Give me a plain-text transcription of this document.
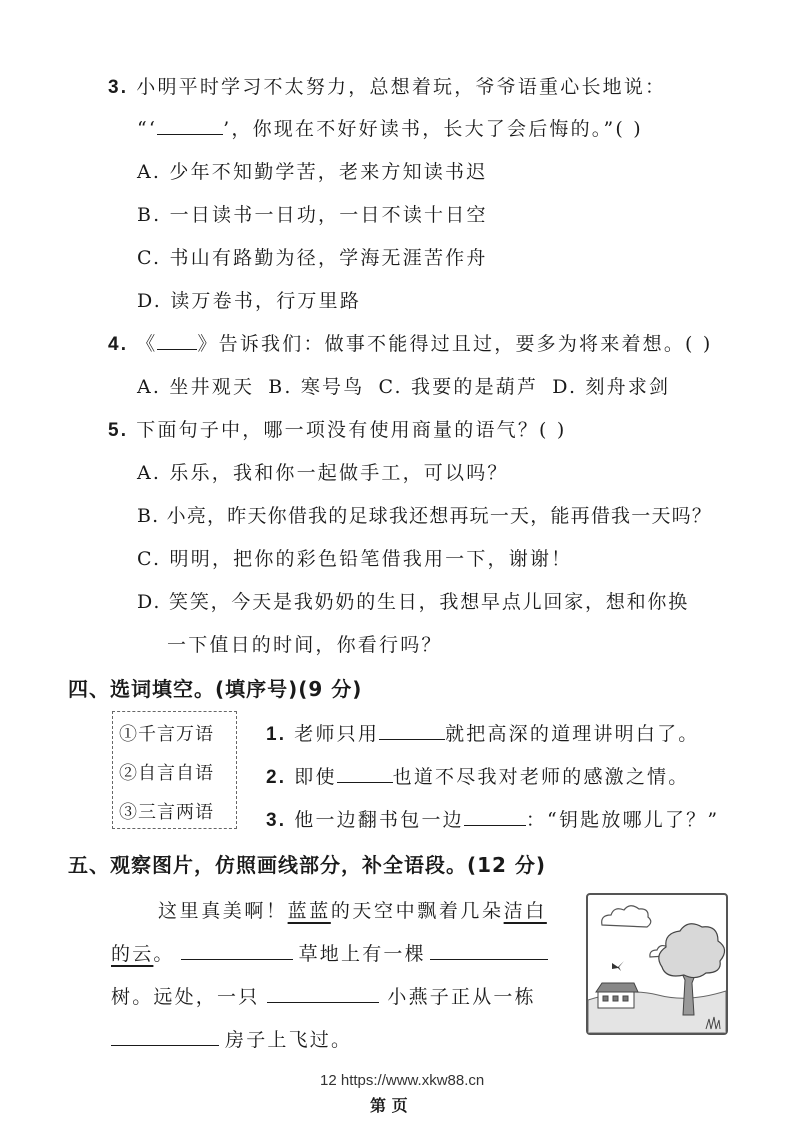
3. 小明平时学习不太努力，总想着玩，爷爷语重心长地说：
“‘	’，你现在不好好读书，长大了会后悔的。”( )
A. 少年不知勤学苦，老来方知读书迟
B. 一日读书一日功，一日不读十日空
C. 书山有路勤为径，学海无涯苦作舟
D. 读万卷书，行万里路
4. 《 》告诉我们：做事不能得过且过，要多为将来着想。( )
A. 坐井观天 B. 寒号鸟 C. 我要的是葫芦 D. 刻舟求剑
5. 下面句子中，哪一项没有使用商量的语气？( )
A. 乐乐，我和你一起做手工，可以吗？
B. 小亮，昨天你借我的足球我还想再玩一天，能再借我一天吗？
C. 明明，把你的彩色铅笔借我用一下，谢谢！
D. 笑笑，今天是我奶奶的生日，我想早点儿回家，想和你换
一下值日的时间，你看行吗？
四、选词填空。(填序号)(9 分)
①千言万语
②自言自语
③三言两语
1. 老师只用	就把高深的道理讲明白了。
2. 即使	也道不尽我对老师的感激之情。
3. 他一边翻书包一边	：“钥匙放哪儿了？”
五、观察图片，仿照画线部分，补全语段。(12 分)
这里真美啊！蓝蓝的天空中飘着几朵洁白
的云。	草地上有一棵
树。远处，一只	小燕子正从一栋
房子上飞过。
12 https://www.xkw88.cn
第 页
